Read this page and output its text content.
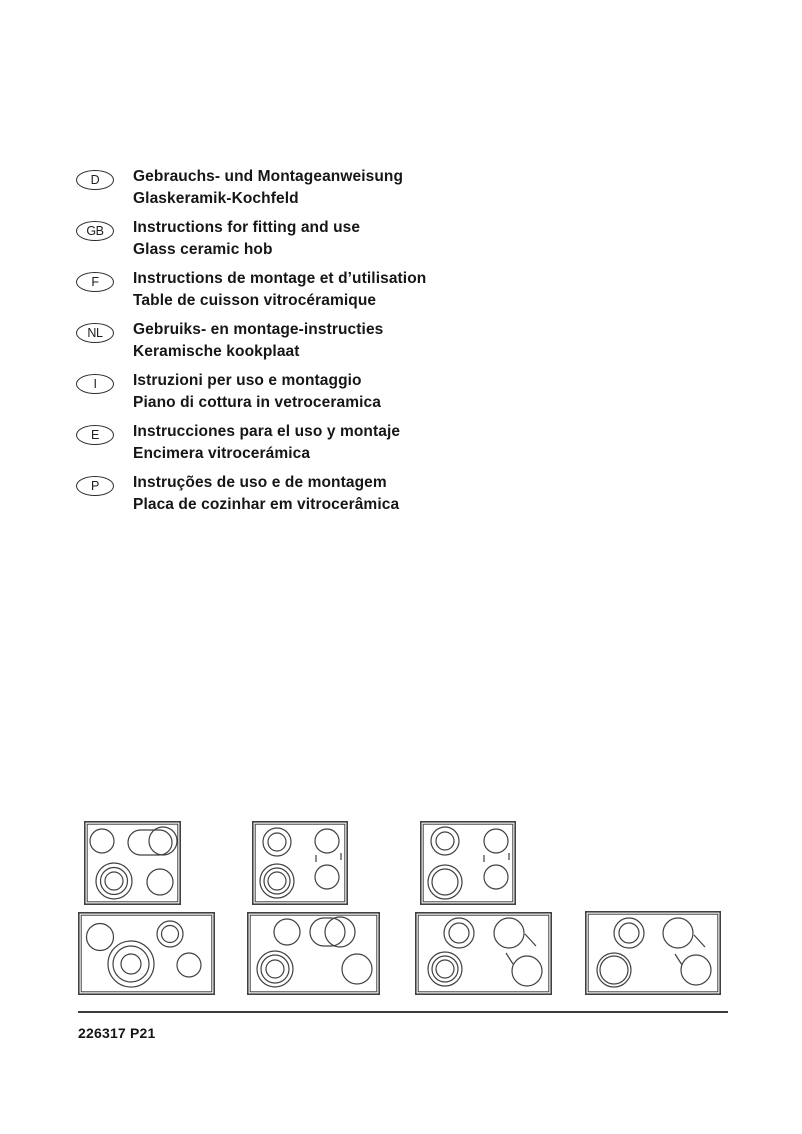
D Gebrauchs- und Montageanweisung
Glaskeramik-Kochfeld
GB Instructions for fitting and use
Glass ceramic hob
F Instructions de montage et d’utilisation
Table de cuisson vitrocéramique
NL Gebruiks- en montage-instructies
Keramische kookplaat
I Istruzioni per uso e montaggio
Piano di cottura in vetroceramica
E Instrucciones para el uso y montaje
Encimera vitrocerámica
P Instruções de uso e de montagem
Placa de cozinhar em vitrocerâmica
226317 P21
